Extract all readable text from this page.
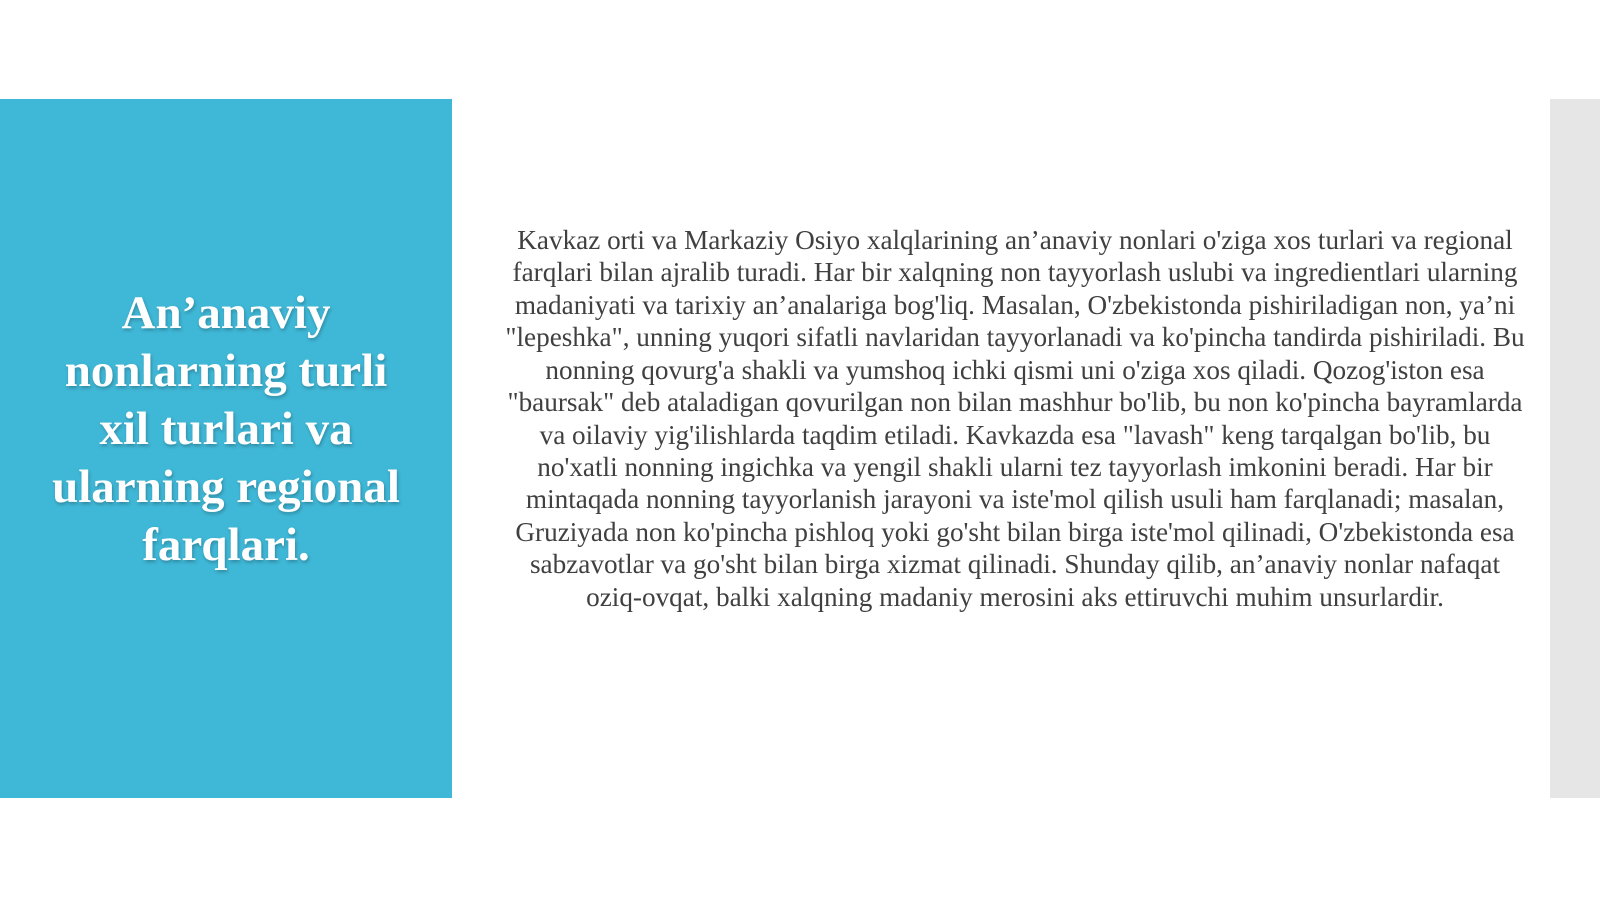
An’anaviy nonlarning turli xil turlari va ularning regional farqlari.

Kavkaz orti va Markaziy Osiyo xalqlarining an’anaviy nonlari o'ziga xos turlari va regional farqlari bilan ajralib turadi. Har bir xalqning non tayyorlash uslubi va ingredientlari ularning madaniyati va tarixiy an’analariga bog'liq. Masalan, O'zbekistonda pishiriladigan non, ya’ni "lepeshka", unning yuqori sifatli navlaridan tayyorlanadi va ko'pincha tandirda pishiriladi. Bu nonning qovurg'a shakli va yumshoq ichki qismi uni o'ziga xos qiladi. Qozog'iston esa "baursak" deb ataladigan qovurilgan non bilan mashhur bo'lib, bu non ko'pincha bayramlarda va oilaviy yig'ilishlarda taqdim etiladi. Kavkazda esa "lavash" keng tarqalgan bo'lib, bu no'xatli nonning ingichka va yengil shakli ularni tez tayyorlash imkonini beradi. Har bir mintaqada nonning tayyorlanish jarayoni va iste'mol qilish usuli ham farqlanadi; masalan, Gruziyada non ko'pincha pishloq yoki go'sht bilan birga iste'mol qilinadi, O'zbekistonda esa sabzavotlar va go'sht bilan birga xizmat qilinadi. Shunday qilib, an’anaviy nonlar nafaqat oziq-ovqat, balki xalqning madaniy merosini aks ettiruvchi muhim unsurlardir.
